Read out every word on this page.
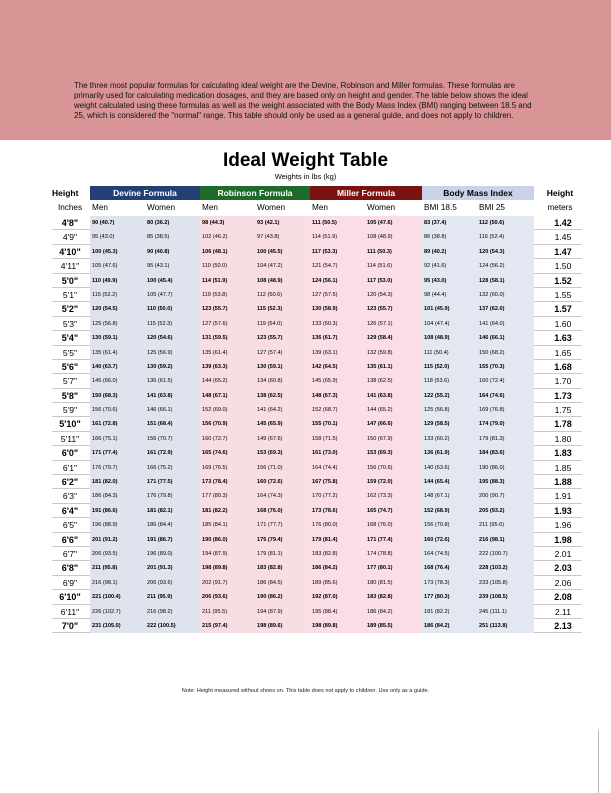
The three most popular formulas for calculating ideal weight are the Devine, Robinson and Miller formulas. These formulas are primarily used for calculating medication dosages, and they are based only on height and gender. The table below shows the ideal weight calculated using these formulas as well as the weight associated with the Body Mass Index (BMI) ranging between 18.5 and 25, which is considered the "normal" range. This table should only be used as a general guide, and does not apply to children.

Ideal Weight Table
Weights in lbs (kg)
Height	Height
Devine Formula	Robinson Formula	Miller Formula	Body Mass Index
Inches	Men	Women	Men	Women	Men	Women	BMI 18.5	BMI 25	meters
4'8"	90 (40.7)	80 (36.2)	98 (44.3)	93 (42.1)	111 (50.5)	105 (47.6)	83 (37.4)	112 (50.6)	1.42
4'9"	95 (43.0)	85 (38.5)	102 (46.2)	97 (43.8)	114 (51.9)	108 (48.9)	86 (38.8)	116 (52.4)	1.45
4'10"	100 (45.3)	90 (40.8)	106 (48.1)	100 (45.5)	117 (53.3)	111 (50.3)	89 (40.2)	120 (54.3)	1.47
4'11"	105 (47.6)	95 (43.1)	110 (50.0)	104 (47.2)	121 (54.7)	114 (51.6)	92 (41.6)	124 (56.2)	1.50
5'0"	110 (49.9)	100 (45.4)	114 (51.9)	108 (48.9)	124 (56.1)	117 (53.0)	95 (43.0)	128 (58.1)	1.52
5'1"	115 (52.2)	105 (47.7)	119 (53.8)	112 (50.6)	127 (57.5)	120 (54.3)	98 (44.4)	132 (60.0)	1.55
5'2"	120 (54.5)	110 (50.0)	123 (55.7)	115 (52.3)	130 (58.9)	123 (55.7)	101 (45.9)	137 (62.0)	1.57
5'3"	125 (56.8)	115 (52.3)	127 (57.6)	119 (54.0)	133 (60.3)	126 (57.1)	104 (47.4)	141 (64.0)	1.60
5'4"	130 (59.1)	120 (54.6)	131 (59.5)	123 (55.7)	136 (61.7)	129 (58.4)	108 (48.9)	146 (66.1)	1.63
5'5"	135 (61.4)	125 (56.9)	135 (61.4)	127 (57.4)	139 (63.1)	132 (59.8)	111 (50.4)	150 (68.2)	1.65
5'6"	140 (63.7)	130 (59.2)	139 (63.3)	130 (59.1)	142 (64.5)	135 (61.1)	115 (52.0)	155 (70.3)	1.68
5'7"	145 (66.0)	136 (61.5)	144 (65.2)	134 (60.8)	145 (65.9)	138 (62.5)	118 (53.6)	160 (72.4)	1.70
5'8"	150 (68.3)	141 (63.8)	148 (67.1)	138 (62.5)	148 (67.3)	141 (63.8)	122 (55.2)	164 (74.6)	1.73
5'9"	156 (70.6)	146 (66.1)	152 (69.0)	141 (64.2)	152 (68.7)	144 (65.2)	125 (56.8)	169 (76.8)	1.75
5'10"	161 (72.8)	151 (68.4)	156 (70.9)	145 (65.9)	155 (70.1)	147 (66.6)	129 (58.5)	174 (79.0)	1.78
5'11"	166 (75.1)	156 (70.7)	160 (72.7)	149 (67.6)	158 (71.5)	150 (67.9)	133 (60.2)	179 (81.3)	1.80
6'0"	171 (77.4)	161 (72.9)	165 (74.6)	153 (69.3)	161 (73.0)	153 (69.3)	136 (61.9)	184 (83.6)	1.83
6'1"	176 (79.7)	166 (75.2)	169 (76.5)	156 (71.0)	164 (74.4)	156 (70.6)	140 (63.6)	190 (86.0)	1.85
6'2"	181 (82.0)	171 (77.5)	173 (78.4)	160 (72.6)	167 (75.8)	159 (72.0)	144 (65.4)	195 (88.3)	1.88
6'3"	186 (84.3)	176 (79.8)	177 (80.3)	164 (74.3)	170 (77.2)	162 (73.3)	148 (67.1)	200 (90.7)	1.91
6'4"	191 (86.6)	181 (82.1)	181 (82.2)	168 (76.0)	173 (78.6)	165 (74.7)	152 (68.9)	205 (93.2)	1.93
6'5"	196 (88.9)	186 (84.4)	185 (84.1)	171 (77.7)	176 (80.0)	168 (76.0)	156 (70.8)	211 (95.6)	1.96
6'6"	201 (91.2)	191 (86.7)	190 (86.0)	175 (79.4)	179 (81.4)	171 (77.4)	160 (72.6)	216 (98.1)	1.98
6'7"	206 (93.5)	196 (89.0)	194 (87.9)	179 (81.1)	183 (82.8)	174 (78.8)	164 (74.5)	222 (100.7)	2.01
6'8"	211 (95.8)	201 (91.3)	198 (89.8)	183 (82.8)	186 (84.2)	177 (80.1)	168 (76.4)	228 (103.2)	2.03
6'9"	216 (98.1)	206 (93.6)	202 (91.7)	186 (84.5)	189 (85.6)	180 (81.5)	173 (78.3)	233 (105.8)	2.06
6'10"	221 (100.4)	211 (95.9)	206 (93.6)	190 (86.2)	192 (87.0)	183 (82.8)	177 (80.3)	239 (108.5)	2.08
6'11"	226 (102.7)	216 (98.2)	211 (95.5)	194 (87.9)	195 (88.4)	186 (84.2)	181 (82.2)	245 (111.1)	2.11
7'0"	231 (105.0)	222 (100.5)	215 (97.4)	198 (89.6)	198 (89.8)	189 (85.5)	186 (84.2)	251 (113.8)	2.13
Note: Height measured without shoes on. This table does not apply to children. Use only as a guide.
